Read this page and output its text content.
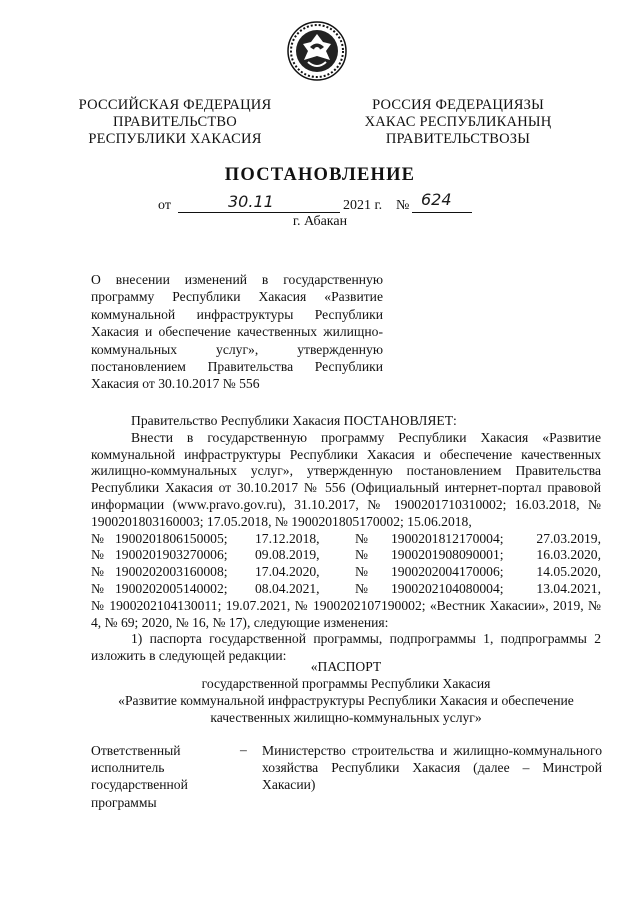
РОССИЙСКАЯ ФЕДЕРАЦИЯ
ПРАВИТЕЛЬСТВО
РЕСПУБЛИКИ ХАКАСИЯ
РОССИЯ ФЕДЕРАЦИЯЗЫ
ХАКАС РЕСПУБЛИКАНЫҢ
ПРАВИТЕЛЬСТВОЗЫ
ПОСТАНОВЛЕНИЕ
от	30.11	2021 г. № 624
г. Абакан

О внесении изменений в государственную программу Республики Хакасия «Развитие коммунальной инфраструктуры Республики Хакасия и обеспечение качественных жилищно-коммунальных услуг», утвержденную постановлением Правительства Республики Хакасия от 30.10.2017 № 556

Правительство Республики Хакасия ПОСТАНОВЛЯЕТ:

Внести в государственную программу Республики Хакасия «Развитие коммунальной инфраструктуры Республики Хакасия и обеспечение качественных жилищно-коммунальных услуг», утвержденную постановлением Правительства Республики Хакасия от 30.10.2017 № 556 (Официальный интернет-портал правовой информации (www.pravo.gov.ru), 31.10.2017, № 1900201710310002; 16.03.2018, № 1900201803160003; 17.05.2018, № 1900201805170002; 15.06.2018,

№	1900201806150005;	17.12.2018,	№	1900201812170004;	27.03.2019,
№	1900201903270006;	09.08.2019,	№	1900201908090001;	16.03.2020,
№	1900202003160008;	17.04.2020,	№	1900202004170006;	14.05.2020,
№	1900202005140002;	08.04.2021,	№	1900202104080004;	13.04.2021,

№ 1900202104130011; 19.07.2021, № 1900202107190002; «Вестник Хакасии», 2019, № 4, № 69; 2020, № 16, № 17), следующие изменения:

1) паспорта государственной программы, подпрограммы 1, подпрограммы 2 изложить в следующей редакции:

«ПАСПОРТ
государственной программы Республики Хакасия
«Развитие коммунальной инфраструктуры Республики Хакасия и обеспечение
качественных жилищно-коммунальных услуг»
Ответственный исполнитель государственной программы
– Министерство строительства и жилищно-коммунального хозяйства Республики Хакасия (далее – Минстрой Хакасии)
